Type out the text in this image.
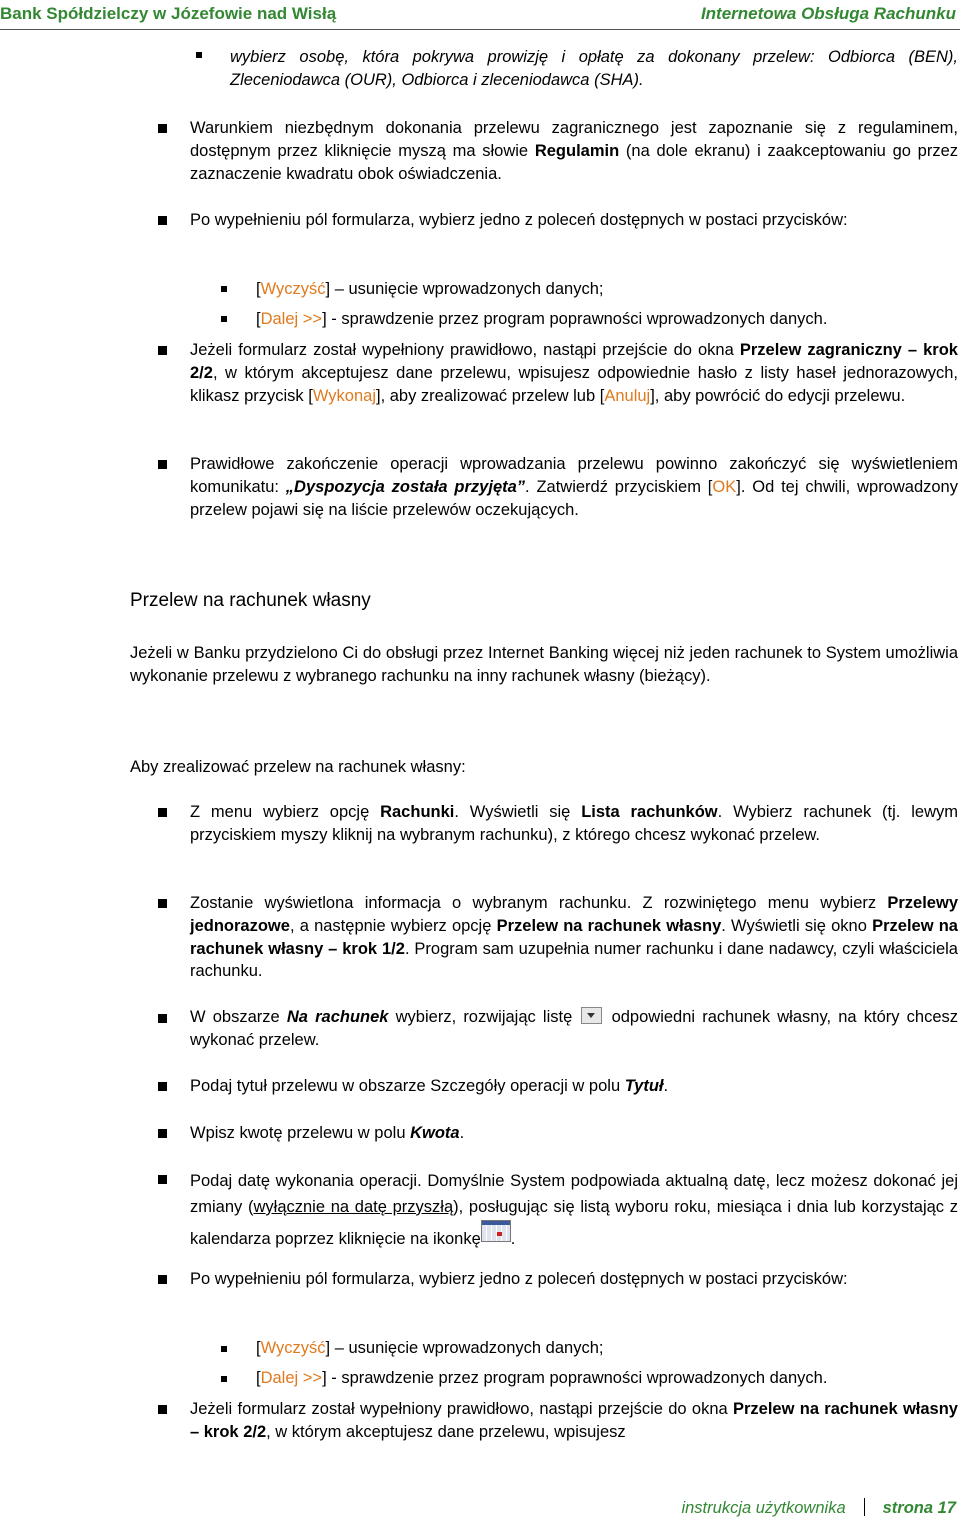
Bank Spółdzielczy w Józefowie nad Wisłą	Internetowa Obsługa Rachunku
wybierz osobę, która pokrywa prowizję i opłatę za dokonany przelew: Odbiorca (BEN), Zleceniodawca (OUR), Odbiorca i zleceniodawca (SHA).
Warunkiem niezbędnym dokonania przelewu zagranicznego jest zapoznanie się z regulaminem, dostępnym przez kliknięcie myszą ma słowie Regulamin (na dole ekranu) i zaakceptowaniu go przez zaznaczenie kwadratu obok oświadczenia.
Po wypełnieniu pól formularza, wybierz jedno z poleceń dostępnych w postaci przycisków:
[Wyczyść] – usunięcie wprowadzonych danych;
[Dalej >>] - sprawdzenie przez program poprawności wprowadzonych danych.
Jeżeli formularz został wypełniony prawidłowo, nastąpi przejście do okna Przelew zagraniczny – krok 2/2, w którym akceptujesz dane przelewu, wpisujesz odpowiednie hasło z listy haseł jednorazowych, klikasz przycisk [Wykonaj], aby zrealizować przelew lub [Anuluj], aby powrócić do edycji przelewu.
Prawidłowe zakończenie operacji wprowadzania przelewu powinno zakończyć się wyświetleniem komunikatu: „Dyspozycja została przyjęta”. Zatwierdź przyciskiem [OK]. Od tej chwili, wprowadzony przelew pojawi się na liście przelewów oczekujących.
Przelew na rachunek własny
Jeżeli w Banku przydzielono Ci do obsługi przez Internet Banking więcej niż jeden rachunek to System umożliwia wykonanie przelewu z wybranego rachunku na inny rachunek własny (bieżący).
Aby zrealizować przelew na rachunek własny:
Z menu wybierz opcję Rachunki. Wyświetli się Lista rachunków. Wybierz rachunek (tj. lewym przyciskiem myszy kliknij na wybranym rachunku), z którego chcesz wykonać przelew.
Zostanie wyświetlona informacja o wybranym rachunku. Z rozwiniętego menu wybierz Przelewy jednorazowe, a następnie wybierz opcję Przelew na rachunek własny. Wyświetli się okno Przelew na rachunek własny – krok 1/2. Program sam uzupełnia numer rachunku i dane nadawcy, czyli właściciela rachunku.
W obszarze Na rachunek wybierz, rozwijając listę  odpowiedni rachunek własny, na który chcesz wykonać przelew.
Podaj tytuł przelewu w obszarze Szczegóły operacji w polu Tytuł.
Wpisz kwotę przelewu w polu Kwota.
Podaj datę wykonania operacji. Domyślnie System podpowiada aktualną datę, lecz możesz dokonać jej zmiany (wyłącznie na datę przyszłą), posługując się listą wyboru roku, miesiąca i dnia lub korzystając z kalendarza poprzez kliknięcie na ikonkę .
Po wypełnieniu pól formularza, wybierz jedno z poleceń dostępnych w postaci przycisków:
[Wyczyść] – usunięcie wprowadzonych danych;
[Dalej >>] - sprawdzenie przez program poprawności wprowadzonych danych.
Jeżeli formularz został wypełniony prawidłowo, nastąpi przejście do okna Przelew na rachunek własny – krok 2/2, w którym akceptujesz dane przelewu, wpisujesz
instrukcja użytkownika strona 17
